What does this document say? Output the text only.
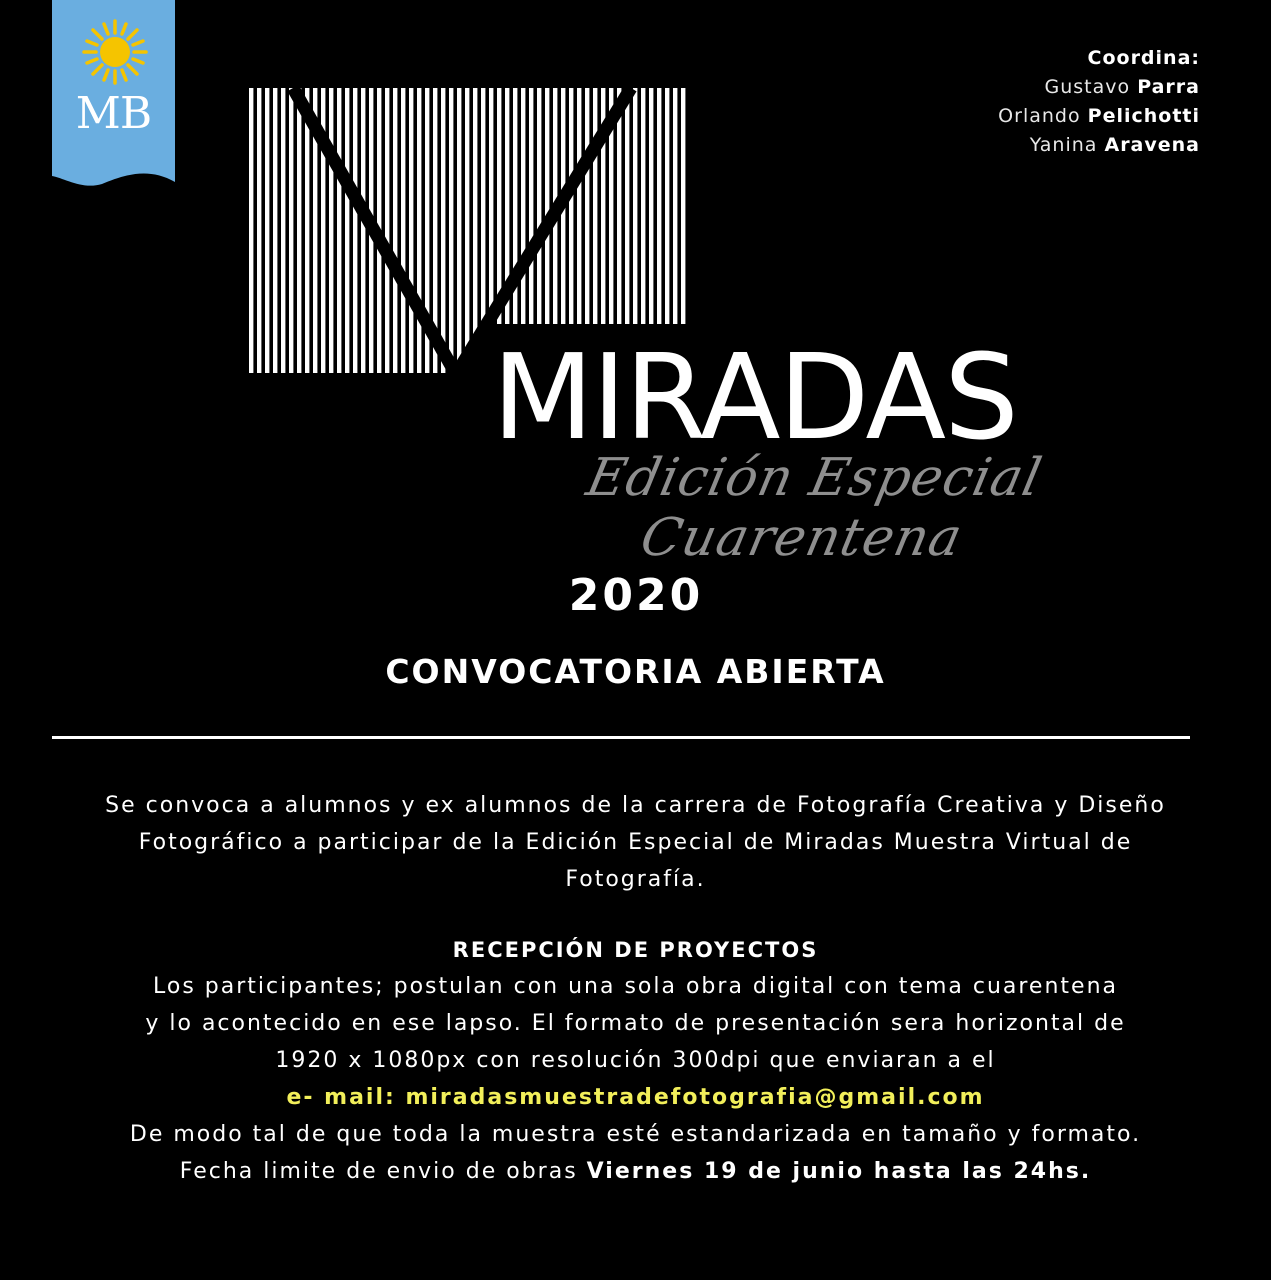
MB
Coordina:
Gustavo Parra
Orlando Pelichotti
Yanina Aravena
MIRADAS
Edición Especial Cuarentena
2020
CONVOCATORIA ABIERTA
Se convoca a alumnos y ex alumnos de la carrera de Fotografía Creativa y Diseño
Fotográfico a participar de la Edición Especial de Miradas Muestra Virtual de
Fotografía.
RECEPCIÓN DE PROYECTOS
Los participantes; postulan con una sola obra digital con tema cuarentena
y lo acontecido en ese lapso. El formato de presentación sera horizontal de
1920 x 1080px con resolución 300dpi que enviaran a el
e- mail: miradasmuestradefotografia@gmail.com
De modo tal de que toda la muestra esté estandarizada en tamaño y formato.
Fecha limite de envio de obras Viernes 19 de junio hasta las 24hs.
